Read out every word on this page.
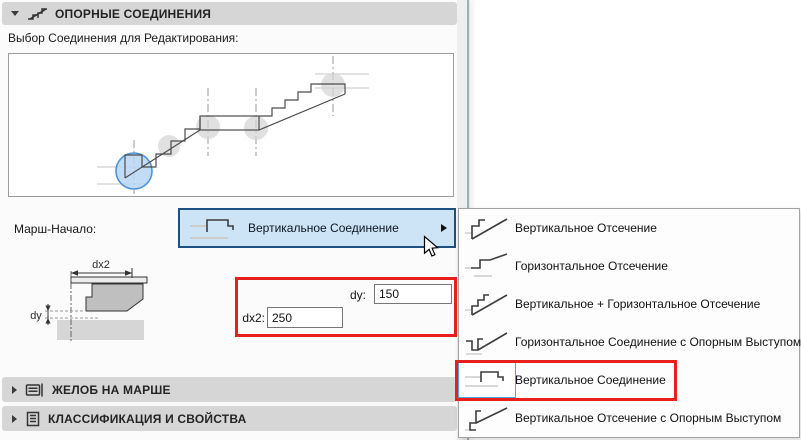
ОПОРНЫЕ СОЕДИНЕНИЯ
Выбор Соединения для Редактирования:
Марш-Начало:	Вертикальное Соединение
dx2
dy
dy:
150
dx2:
250
ЖЕЛОБ НА МАРШЕ
КЛАССИФИКАЦИЯ И СВОЙСТВА
Вертикальное Отсечение
Горизонтальное Отсечение
Вертикальное + Горизонтальное Отсечение
Горизонтальное Соединение с Опорным Выступом
Вертикальное Соединение
Вертикальное Отсечение с Опорным Выступом
